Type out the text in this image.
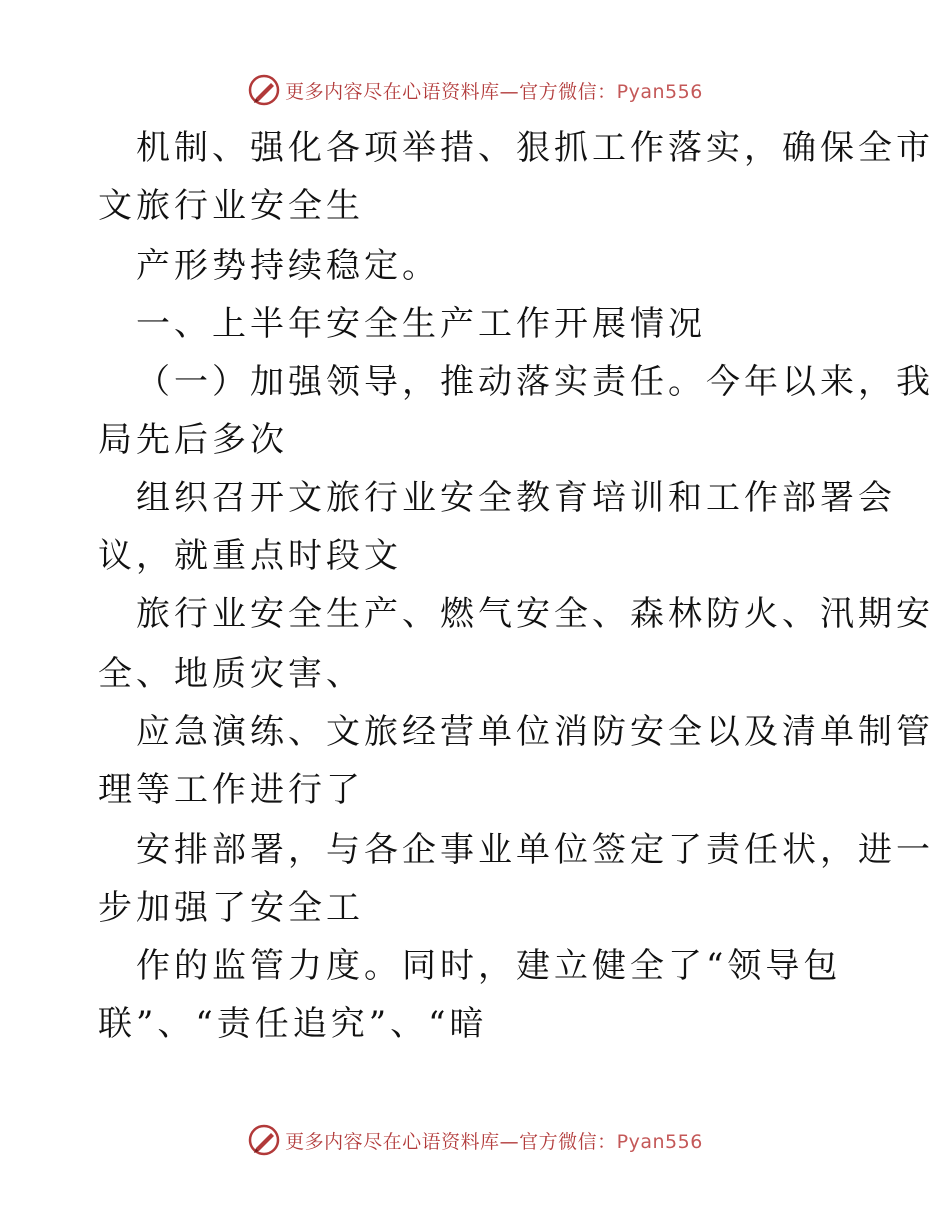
更多内容尽在心语资料库—官方微信：Pyan556
机制、强化各项举措、狠抓工作落实，确保全市
文旅行业安全生
产形势持续稳定。
一、上半年安全生产工作开展情况
（一）加强领导，推动落实责任。今年以来，我
局先后多次
组织召开文旅行业安全教育培训和工作部署会
议，就重点时段文
旅行业安全生产、燃气安全、森林防火、汛期安
全、地质灾害、
应急演练、文旅经营单位消防安全以及清单制管
理等工作进行了
安排部署，与各企事业单位签定了责任状，进一
步加强了安全工
作的监管力度。同时，建立健全了“领导包
联”、“责任追究”、“暗
更多内容尽在心语资料库—官方微信：Pyan556
